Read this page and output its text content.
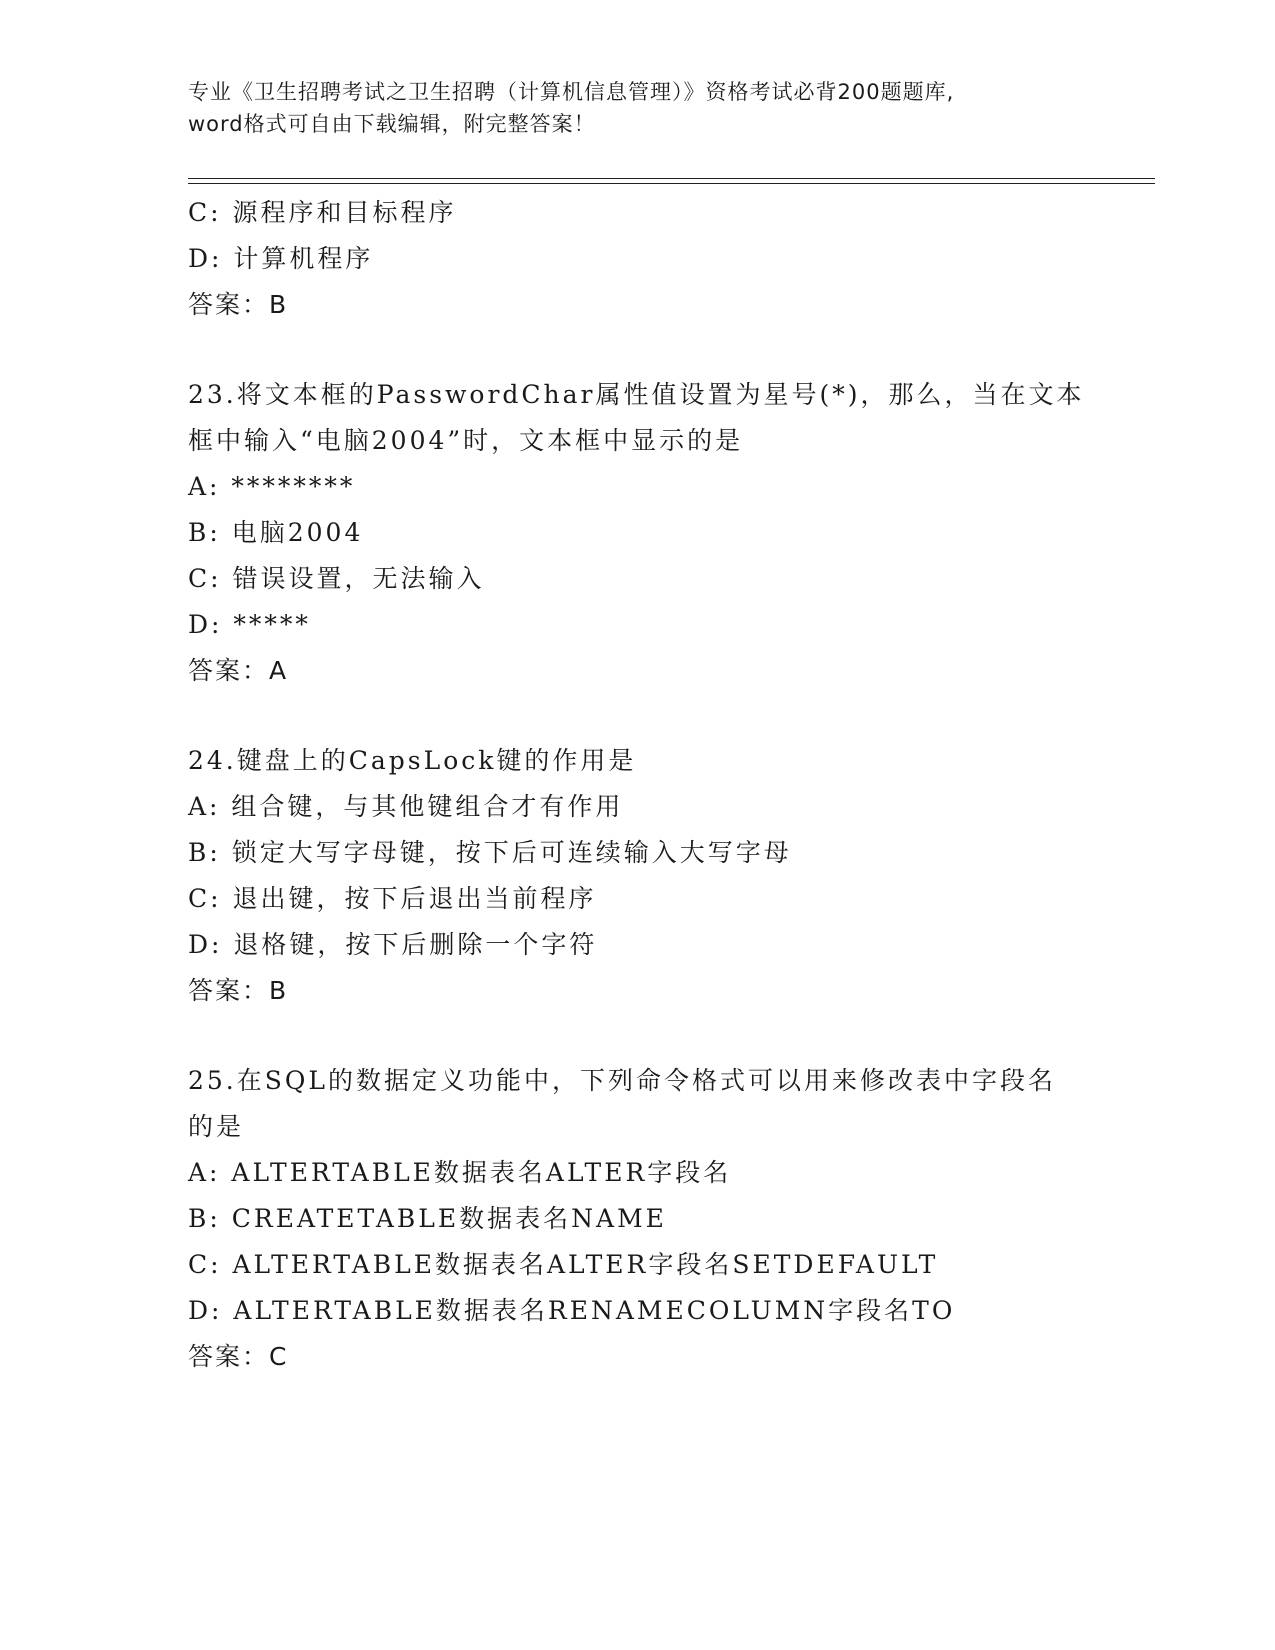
专业《卫生招聘考试之卫生招聘（计算机信息管理）》资格考试必背200题题库,
word格式可自由下载编辑，附完整答案！
C: 源程序和目标程序
D: 计算机程序
答案：B
23.将文本框的PasswordChar属性值设置为星号(*)，那么，当在文本
框中输入“电脑2004”时，文本框中显示的是
A: ********
B: 电脑2004
C: 错误设置，无法输入
D: *****
答案：A
24.键盘上的CapsLock键的作用是
A: 组合键，与其他键组合才有作用
B: 锁定大写字母键，按下后可连续输入大写字母
C: 退出键，按下后退出当前程序
D: 退格键，按下后删除一个字符
答案：B
25.在SQL的数据定义功能中，下列命令格式可以用来修改表中字段名
的是
A: ALTERTABLE数据表名ALTER字段名
B: CREATETABLE数据表名NAME
C: ALTERTABLE数据表名ALTER字段名SETDEFAULT
D: ALTERTABLE数据表名RENAMECOLUMN字段名TO
答案：C
